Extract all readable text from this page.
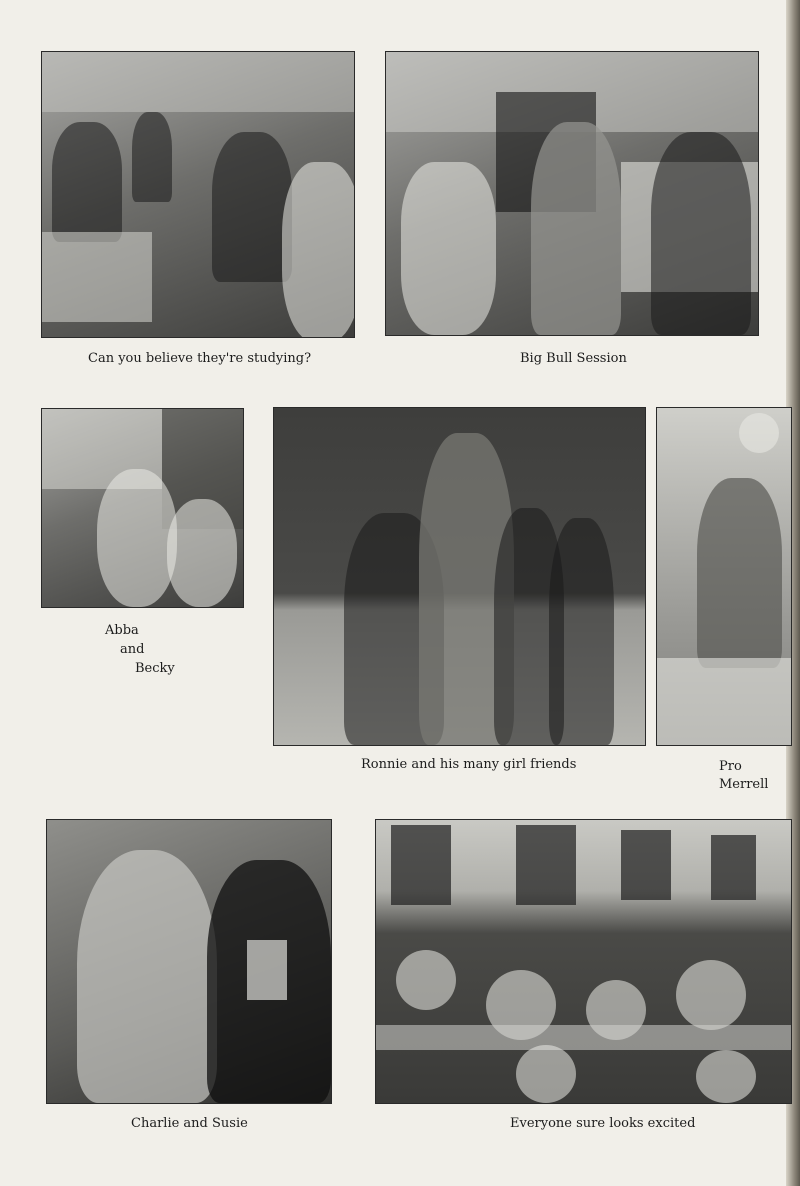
Can you believe they're studying?	Big Bull Session

Abba

and

Becky

Ronnie and his many girl friends	Pro

Merrell

Charlie and Susie	Everyone sure looks excited
